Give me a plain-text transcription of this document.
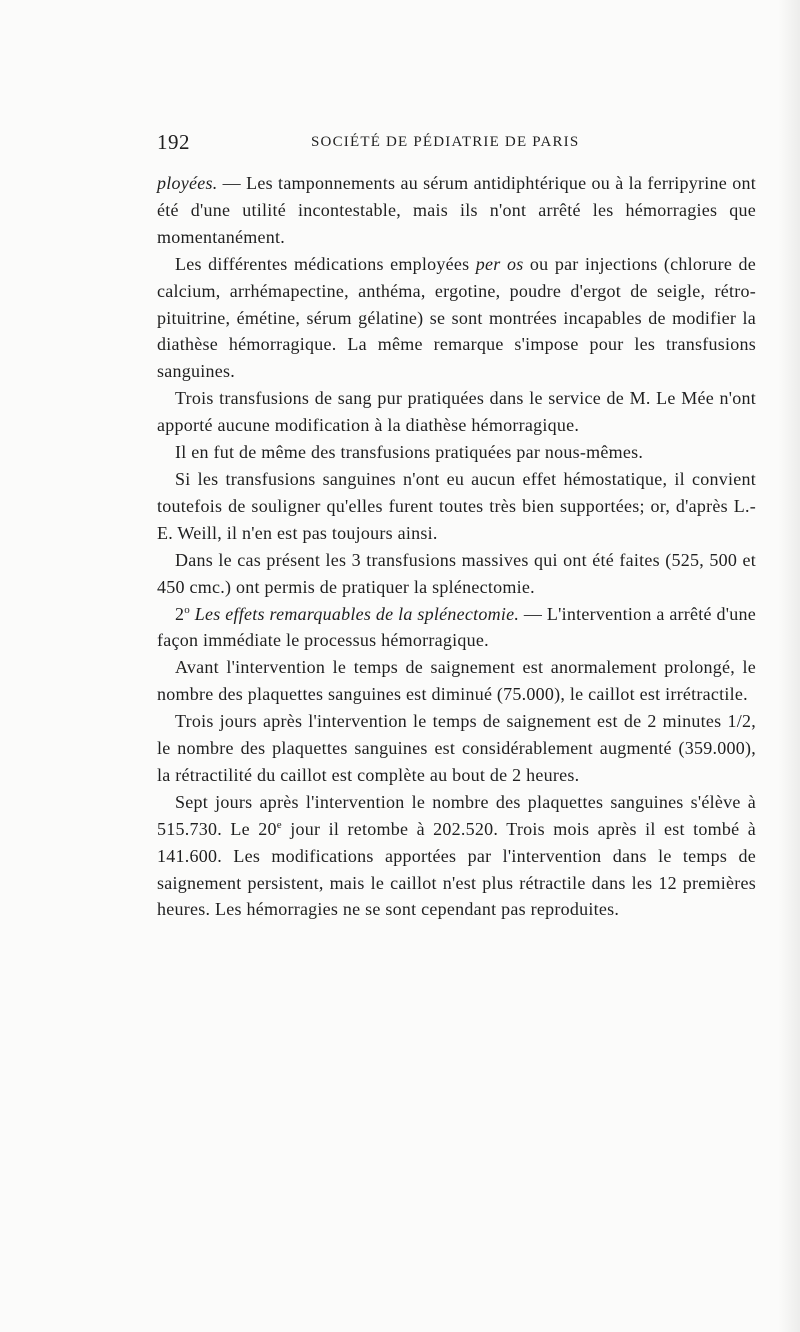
192	SOCIÉTÉ DE PÉDIATRIE DE PARIS

ployées. — Les tamponnements au sérum antidiphtérique ou à la ferripyrine ont été d'une utilité incontestable, mais ils n'ont arrêté les hémorragies que momentanément.

Les différentes médications employées per os ou par injections (chlorure de calcium, arrhémapectine, anthéma, ergotine, poudre d'ergot de seigle, rétro-pituitrine, émétine, sérum gélatine) se sont montrées incapables de modifier la diathèse hémorragique. La même remarque s'impose pour les transfusions sanguines.

Trois transfusions de sang pur pratiquées dans le service de M. Le Mée n'ont apporté aucune modification à la diathèse hémorragique.

Il en fut de même des transfusions pratiquées par nous-mêmes.

Si les transfusions sanguines n'ont eu aucun effet hémostatique, il convient toutefois de souligner qu'elles furent toutes très bien supportées; or, d'après L.-E. Weill, il n'en est pas toujours ainsi.

Dans le cas présent les 3 transfusions massives qui ont été faites (525, 500 et 450 cmc.) ont permis de pratiquer la splénectomie.

2$^o$ Les effets remarquables de la splénectomie. — L'intervention a arrêté d'une façon immédiate le processus hémorragique.

Avant l'intervention le temps de saignement est anormalement prolongé, le nombre des plaquettes sanguines est diminué (75.000), le caillot est irrétractile.

Trois jours après l'intervention le temps de saignement est de 2 minutes 1/2, le nombre des plaquettes sanguines est considérablement augmenté (359.000), la rétractilité du caillot est complète au bout de 2 heures.

Sept jours après l'intervention le nombre des plaquettes sanguines s'élève à 515.730. Le 20e jour il retombe à 202.520. Trois mois après il est tombé à 141.600. Les modifications apportées par l'intervention dans le temps de saignement persistent, mais le caillot n'est plus rétractile dans les 12 premières heures. Les hémorragies ne se sont cependant pas reproduites.
